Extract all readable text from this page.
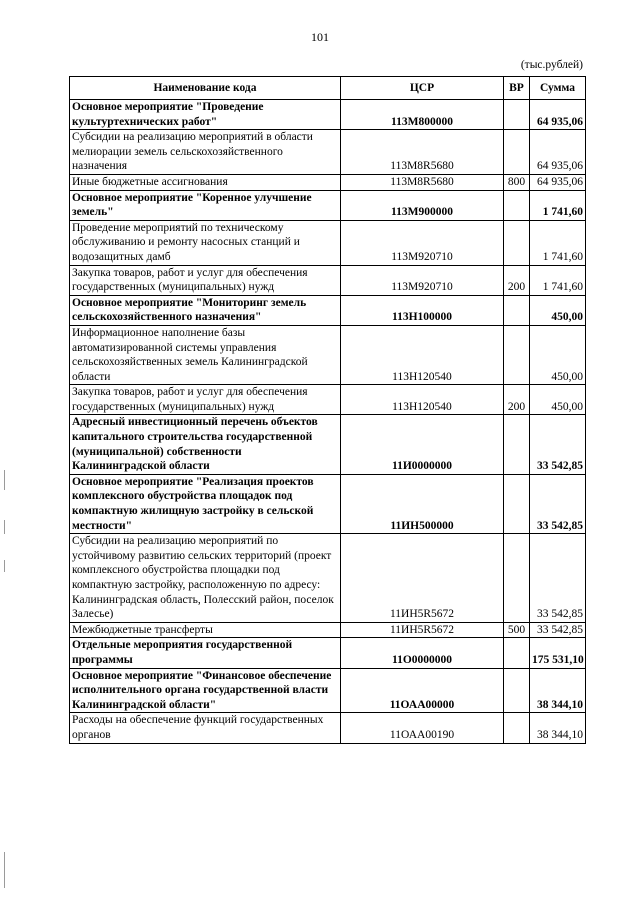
101
(тыс.рублей)
Наименование кода	ЦСР	ВР	Сумма
Основное мероприятие "Проведение культуртехнических работ"	113М800000		64 935,06
Субсидии на реализацию мероприятий в области мелиорации земель сельскохозяйственного назначения	113M8R5680		64 935,06
Иные бюджетные ассигнования	113M8R5680	800	64 935,06
Основное мероприятие "Коренное улучшение земель"	113М900000		1 741,60
Проведение мероприятий по техническому обслуживанию и ремонту насосных станций и водозащитных дамб	113M920710		1 741,60
Закупка товаров, работ и услуг для обеспечения государственных (муниципальных) нужд	113M920710	200	1 741,60
Основное мероприятие "Мониторинг земель сельскохозяйственного назначения"	113Н100000		450,00
Информационное наполнение базы автоматизированной системы управления сельскохозяйственных земель Калининградской области	113H120540		450,00
Закупка товаров, работ и услуг для обеспечения государственных (муниципальных) нужд	113H120540	200	450,00
Адресный инвестиционный перечень объектов капитального строительства государственной (муниципальной) собственности Калининградской области	11И0000000		33 542,85
Основное мероприятие "Реализация проектов комплексного обустройства площадок под компактную жилищную застройку в сельской местности"	11ИН500000		33 542,85
Субсидии на реализацию мероприятий по устойчивому развитию сельских территорий (проект комплексного обустройства площадки под компактную застройку, расположенную по адресу: Калининградская область, Полесский район, поселок Залесье)	11ИН5R5672		33 542,85
Межбюджетные трансферты	11ИН5R5672	500	33 542,85
Отдельные мероприятия государственной программы	11О0000000		175 531,10
Основное мероприятие "Финансовое обеспечение исполнительного органа государственной власти Калининградской области"	11ОАА00000		38 344,10
Расходы на обеспечение функций государственных органов	11ОАА00190		38 344,10
